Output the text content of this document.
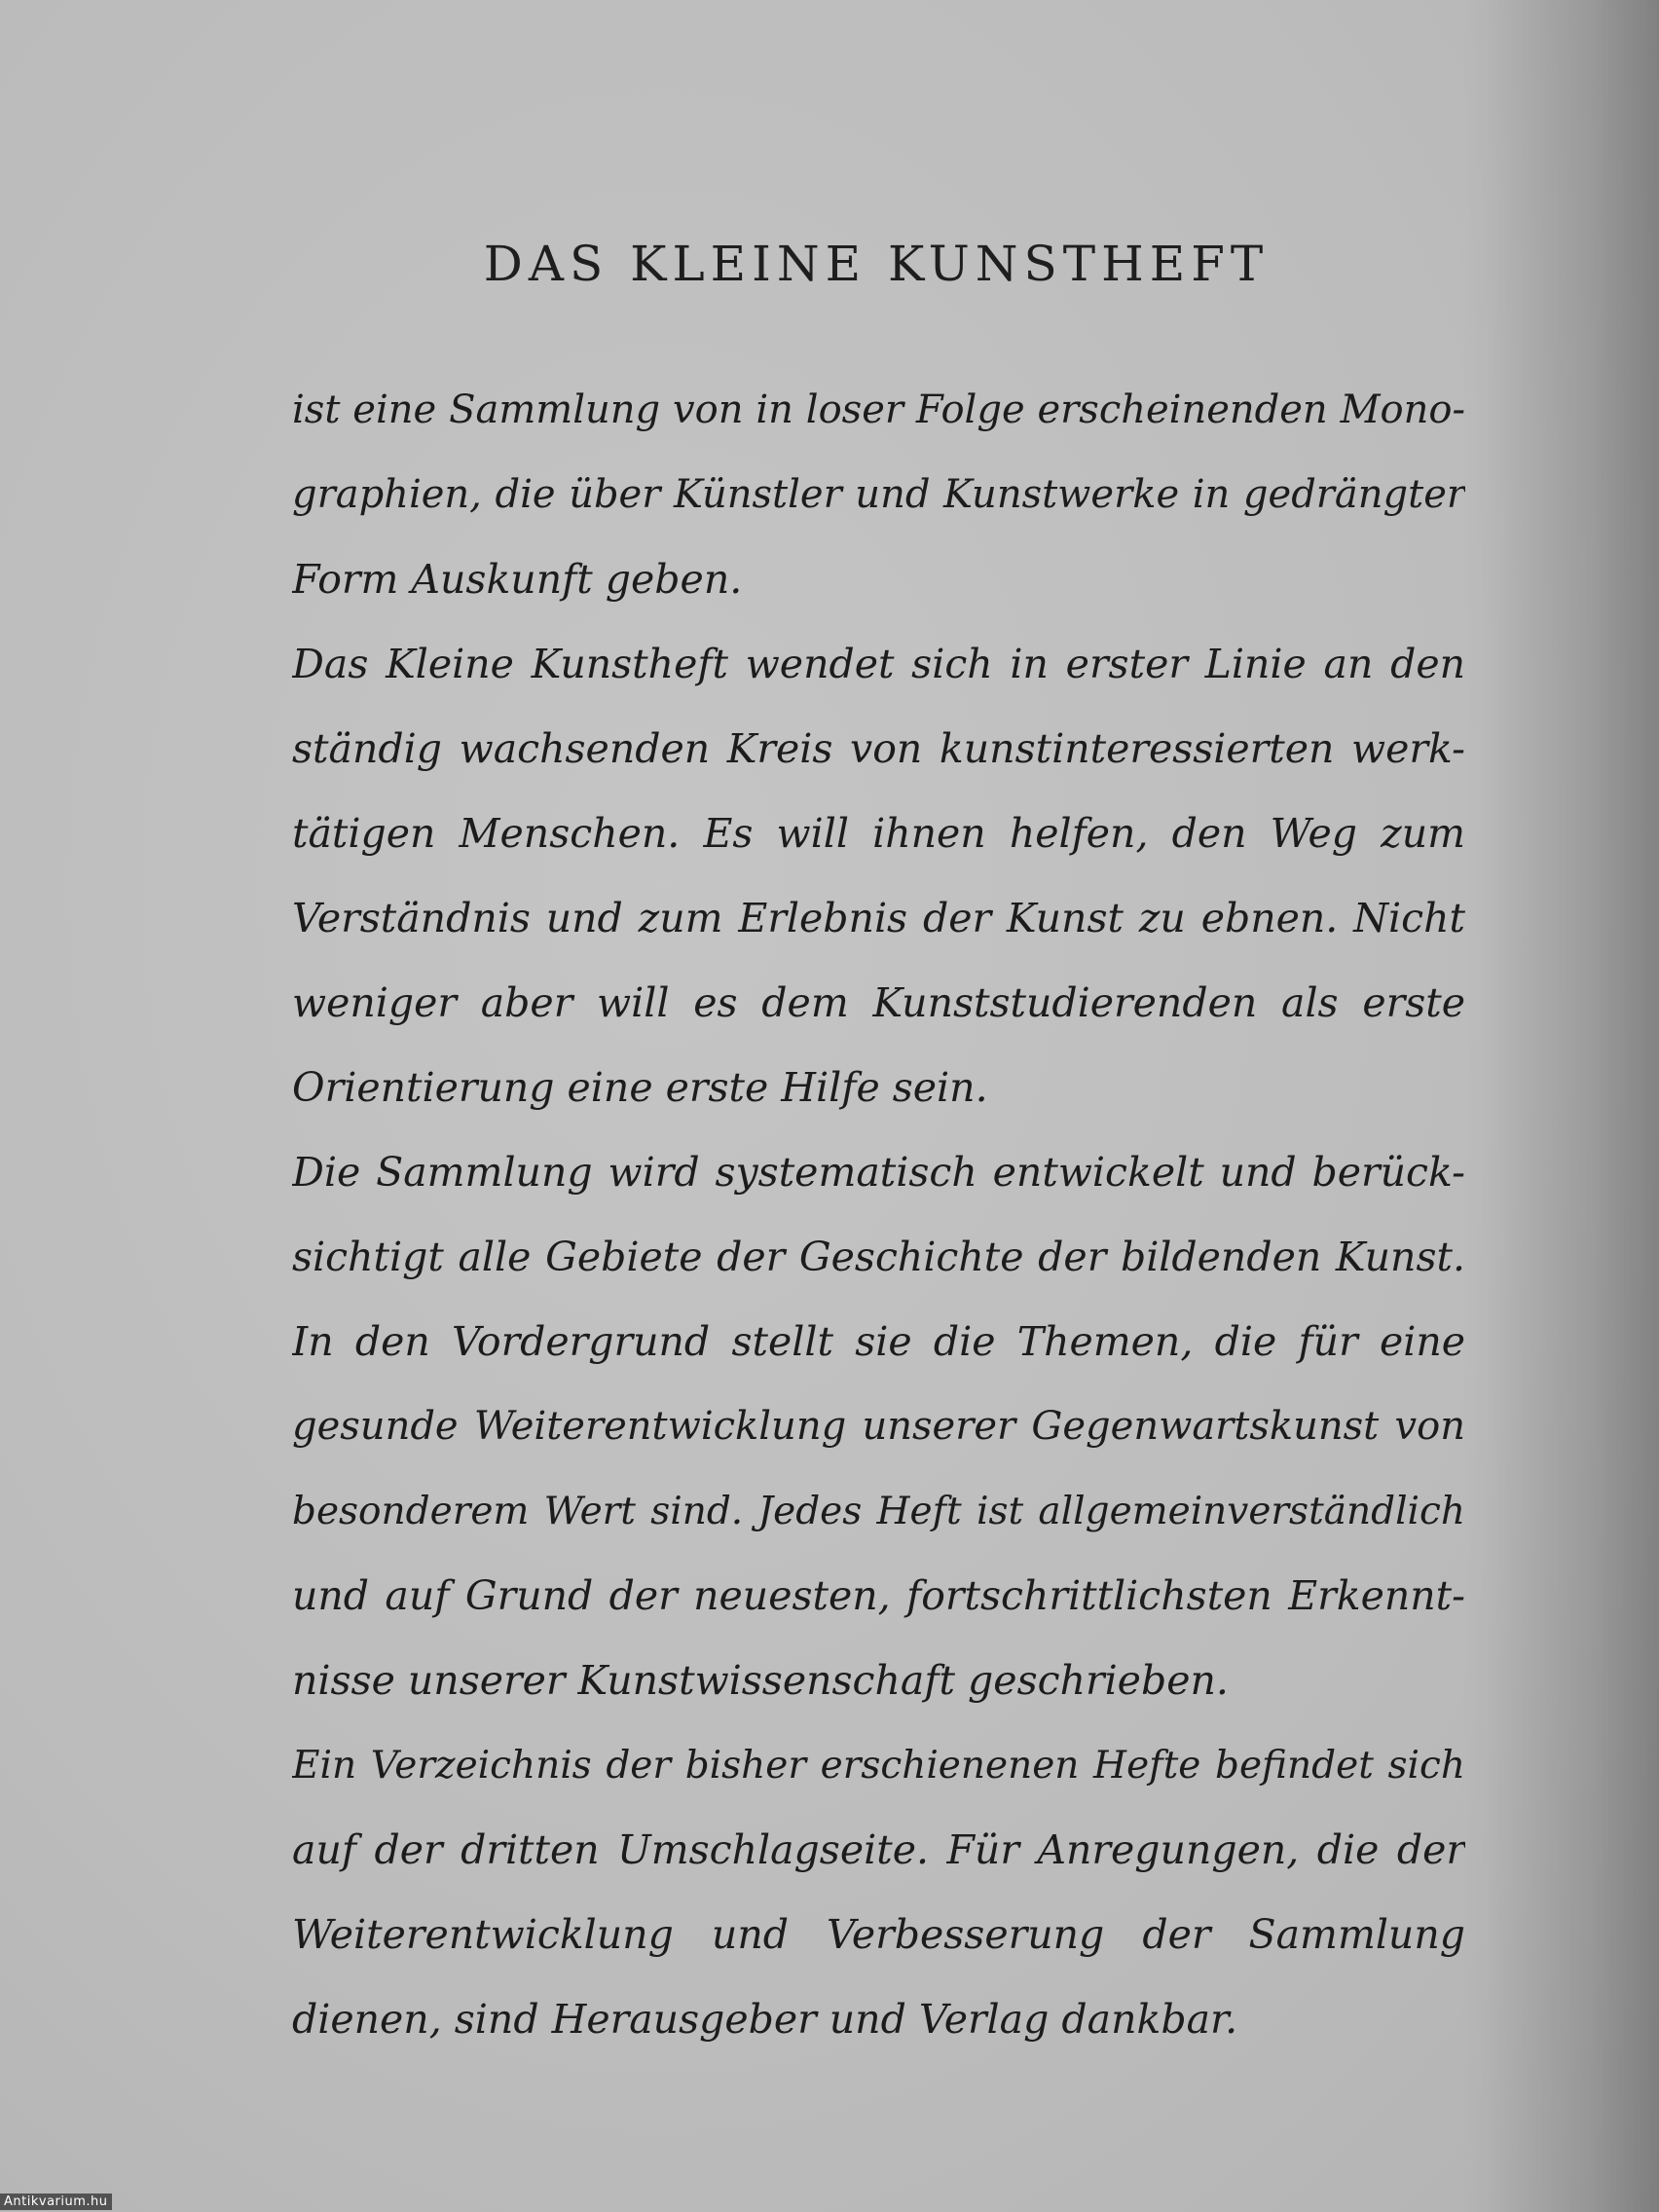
DAS KLEINE KUNSTHEFT
ist eine Sammlung von in loser Folge erscheinenden Mono-
graphien, die über Künstler und Kunstwerke in gedrängter
Form Auskunft geben.
Das Kleine Kunstheft wendet sich in erster Linie an den
ständig wachsenden Kreis von kunstinteressierten werk-
tätigen Menschen. Es will ihnen helfen, den Weg zum
Verständnis und zum Erlebnis der Kunst zu ebnen. Nicht
weniger aber will es dem Kunststudierenden als erste
Orientierung eine erste Hilfe sein.
Die Sammlung wird systematisch entwickelt und berück-
sichtigt alle Gebiete der Geschichte der bildenden Kunst.
In den Vordergrund stellt sie die Themen, die für eine
gesunde Weiterentwicklung unserer Gegenwartskunst von
besonderem Wert sind. Jedes Heft ist allgemeinverständlich
und auf Grund der neuesten, fortschrittlichsten Erkennt-
nisse unserer Kunstwissenschaft geschrieben.
Ein Verzeichnis der bisher erschienenen Hefte befindet sich
auf der dritten Umschlagseite. Für Anregungen, die der
Weiterentwicklung und Verbesserung der Sammlung
dienen, sind Herausgeber und Verlag dankbar.
Antikvarium.hu
